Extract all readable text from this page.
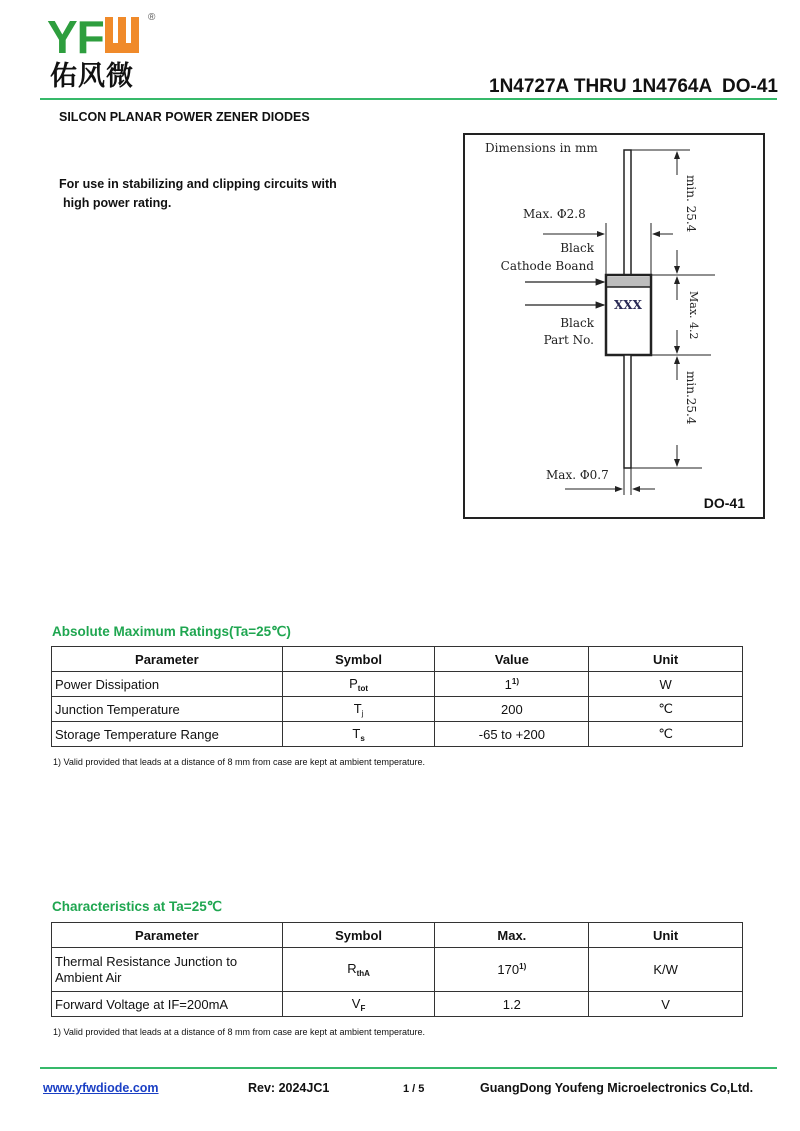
YF	®
佑风微	1N4727A THRU 1N4764A  DO-41
SILCON PLANAR POWER ZENER DIODES
For use in stabilizing and clipping circuits with
high power rating.
Dimensions in mm
Max. Φ2.8
Black
Cathode Boand
XXX
Black
Part No.
min. 25.4
Max. 4.2
min.25.4
Max. Φ0.7
DO-41
Absolute Maximum Ratings(Ta=25℃)
Parameter	Symbol	Value	Unit
Power Dissipation	$P_{tot}$	1$^{1)}$	W
Junction Temperature	$T_j$	200	℃
Storage Temperature Range	$T_s$	-65 to +200	℃
1) Valid provided that leads at a distance of 8 mm from case are kept at ambient temperature.
Characteristics at Ta=25℃
Parameter	Symbol	Max.	Unit
Thermal Resistance Junction to Ambient Air	$R_{thA}$	170$^{1)}$	K/W
Forward Voltage at IF=200mA	$V_F$	1.2	V
1) Valid provided that leads at a distance of 8 mm from case are kept at ambient temperature.
www.yfwdiode.com	Rev: 2024JC1	1 / 5	GuangDong Youfeng Microelectronics Co,Ltd.
